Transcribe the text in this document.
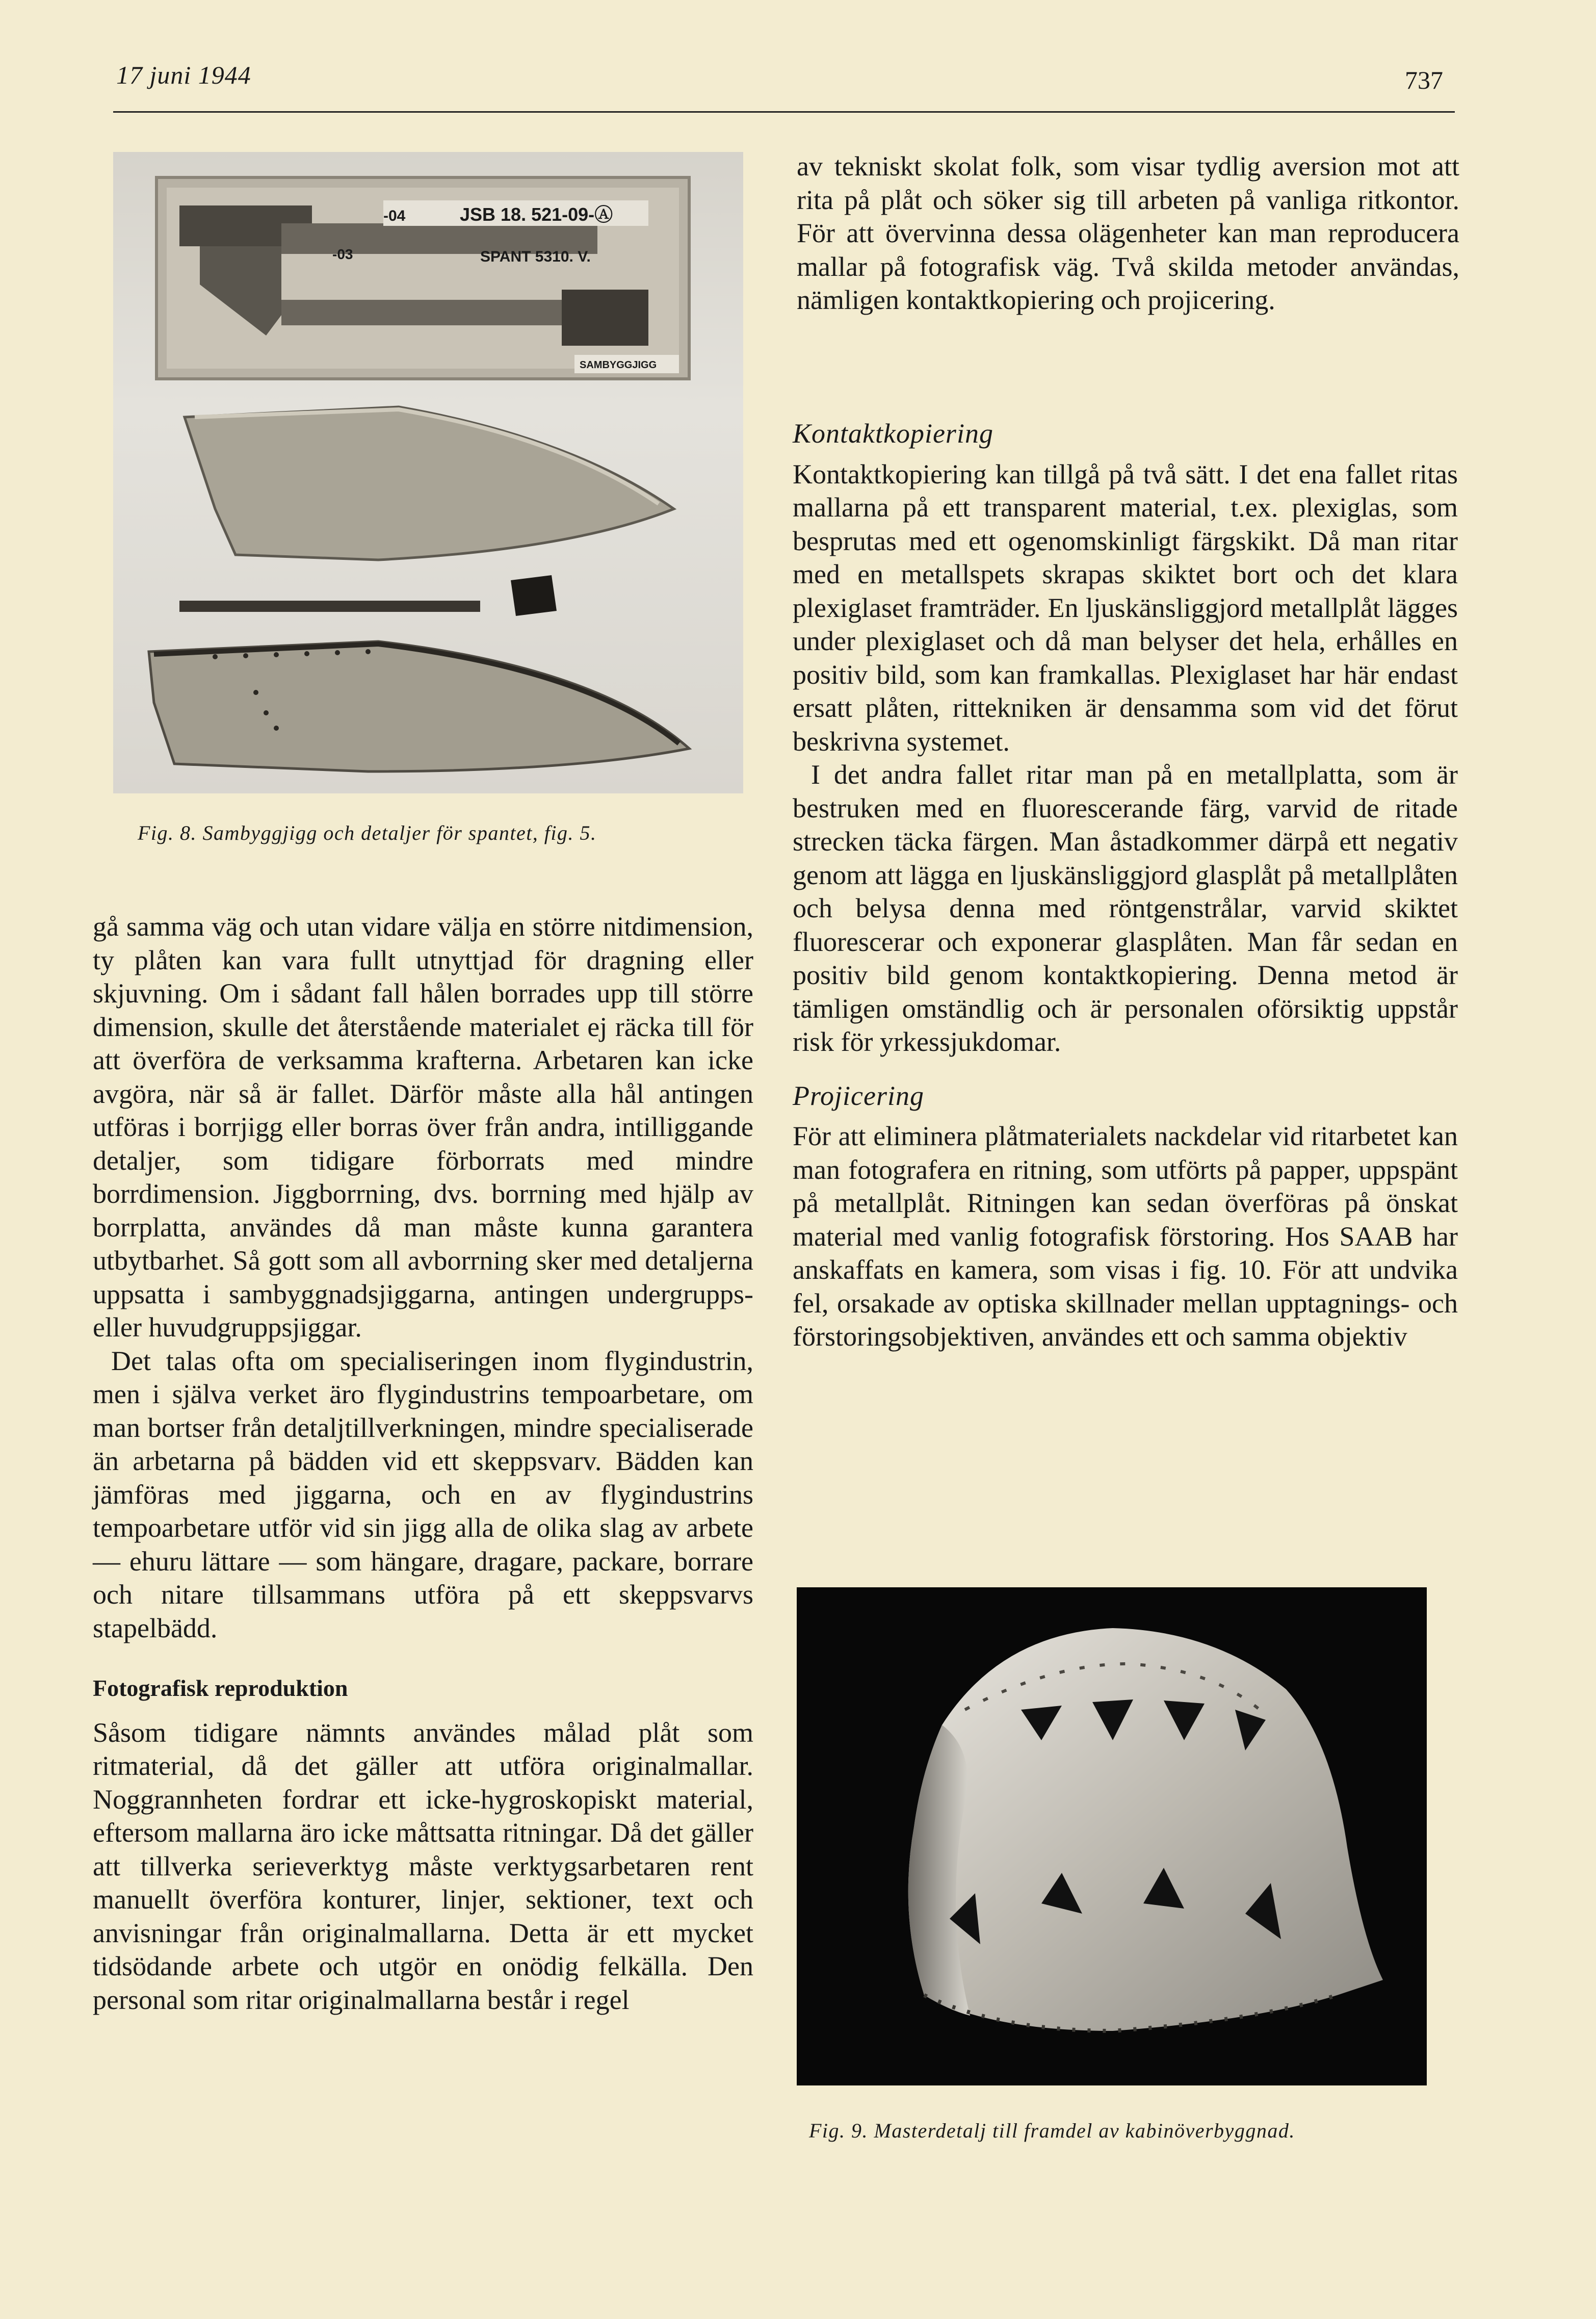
17 juni 1944	737
JSB 18. 521-09-Ⓐ
SPANT 5310. V.
-04
-03
SAMBYGGJIGG
Fig. 8. Sambyggjigg och detaljer för spantet, fig. 5.

av tekniskt skolat folk, som visar tydlig aversion mot att rita på plåt och söker sig till arbeten på vanliga ritkontor. För att övervinna dessa olägenheter kan man reproducera mallar på fotografisk väg. Två skilda metoder användas, nämligen kontaktkopiering och projicering.

Kontaktkopiering

Kontaktkopiering kan tillgå på två sätt. I det ena fallet ritas mallarna på ett transparent material, t.ex. plexiglas, som besprutas med ett ogenomskinligt färgskikt. Då man ritar med en metallspets skrapas skiktet bort och det klara plexiglaset framträder. En ljuskänsliggjord metallplåt lägges under plexiglaset och då man belyser det hela, erhålles en positiv bild, som kan framkallas. Plexiglaset har här endast ersatt plåten, rittekniken är densamma som vid det förut beskrivna systemet.

I det andra fallet ritar man på en metallplatta, som är bestruken med en fluorescerande färg, varvid de ritade strecken täcka färgen. Man åstadkommer därpå ett negativ genom att lägga en ljuskänsliggjord glasplåt på metallplåten och belysa denna med röntgenstrålar, varvid skiktet fluorescerar och exponerar glasplåten. Man får sedan en positiv bild genom kontaktkopiering. Denna metod är tämligen omständlig och är personalen oförsiktig uppstår risk för yrkessjukdomar.

Projicering

För att eliminera plåtmaterialets nackdelar vid ritarbetet kan man fotografera en ritning, som utförts på papper, uppspänt på metallplåt. Ritningen kan sedan överföras på önskat material med vanlig fotografisk förstoring. Hos SAAB har anskaffats en kamera, som visas i fig. 10. För att undvika fel, orsakade av optiska skillnader mellan upptagnings- och förstoringsobjektiven, användes ett och samma objektiv

gå samma väg och utan vidare välja en större nitdimension, ty plåten kan vara fullt utnyttjad för dragning eller skjuvning. Om i sådant fall hålen borrades upp till större dimension, skulle det återstående materialet ej räcka till för att överföra de verksamma krafterna. Arbetaren kan icke avgöra, när så är fallet. Därför måste alla hål antingen utföras i borrjigg eller borras över från andra, intilliggande detaljer, som tidigare förborrats med mindre borrdimension. Jiggborrning, dvs. borrning med hjälp av borrplatta, användes då man måste kunna garantera utbytbarhet. Så gott som all avborrning sker med detaljerna uppsatta i sambyggnadsjiggarna, antingen undergrupps- eller huvudgruppsjiggar.

Det talas ofta om specialiseringen inom flygindustrin, men i själva verket äro flygindustrins tempoarbetare, om man bortser från detaljtillverkningen, mindre specialiserade än arbetarna på bädden vid ett skeppsvarv. Bädden kan jämföras med jiggarna, och en av flygindustrins tempoarbetare utför vid sin jigg alla de olika slag av arbete — ehuru lättare — som hängare, dragare, packare, borrare och nitare tillsammans utföra på ett skeppsvarvs stapelbädd.

Fotografisk reproduktion

Såsom tidigare nämnts användes målad plåt som ritmaterial, då det gäller att utföra originalmallar. Noggrannheten fordrar ett icke-hygroskopiskt material, eftersom mallarna äro icke måttsatta ritningar. Då det gäller att tillverka serieverktyg måste verktygsarbetaren rent manuellt överföra konturer, linjer, sektioner, text och anvisningar från originalmallarna. Detta är ett mycket tidsödande arbete och utgör en onödig felkälla. Den personal som ritar originalmallarna består i regel

Fig. 9. Masterdetalj till framdel av kabinöverbyggnad.
